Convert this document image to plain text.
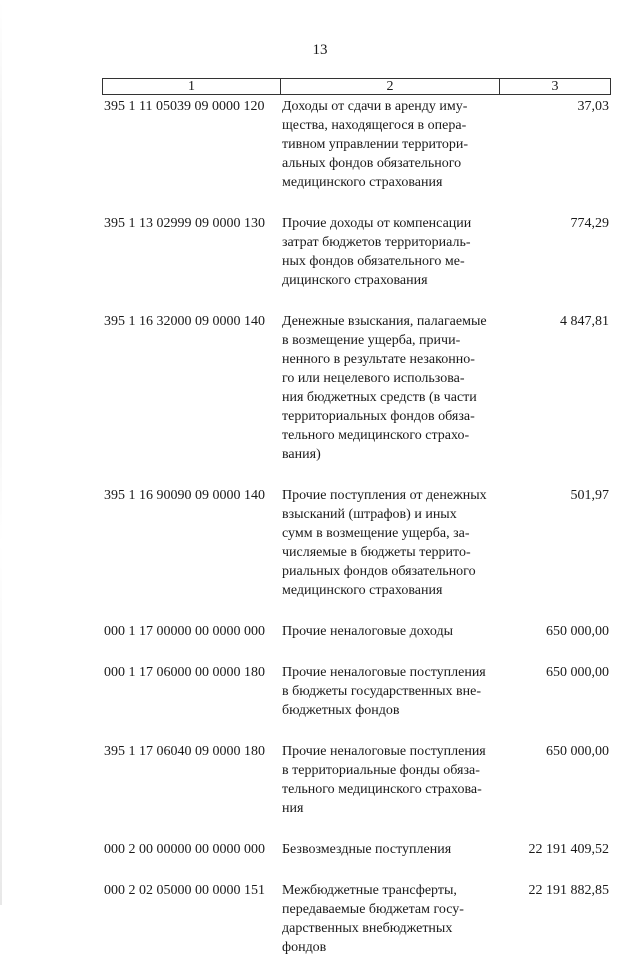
13
1	2	3
395 1 11 05039 09 0000 120	Доходы от сдачи в аренду иму-
щества, находящегося в опера-
тивном управлении территори-
альных фондов обязательного
медицинского страхования
37,03
395 1 13 02999 09 0000 130	Прочие доходы от компенсации
затрат бюджетов территориаль-
ных фондов обязательного ме-
дицинского страхования
774,29
395 1 16 32000 09 0000 140	Денежные взыскания, палагаемые
в возмещение ущерба, причи-
ненного в результате незаконно-
го или нецелевого использова-
ния бюджетных средств (в части
территориальных фондов обяза-
тельного медицинского страхо-
вания)
4 847,81
395 1 16 90090 09 0000 140	Прочие поступления от денежных
взысканий (штрафов) и иных
сумм в возмещение ущерба, за-
числяемые в бюджеты террито-
риальных фондов обязательного
медицинского страхования
501,97
000 1 17 00000 00 0000 000	Прочие неналоговые доходы	650 000,00
000 1 17 06000 00 0000 180	Прочие неналоговые поступления
в бюджеты государственных вне-
бюджетных фондов
650 000,00
395 1 17 06040 09 0000 180	Прочие неналоговые поступления
в территориальные фонды обяза-
тельного медицинского страхова-
ния
650 000,00
000 2 00 00000 00 0000 000	Безвозмездные поступления	22 191 409,52
000 2 02 05000 00 0000 151	Межбюджетные трансферты,
передаваемые бюджетам госу-
дарственных внебюджетных
фондов
22 191 882,85
